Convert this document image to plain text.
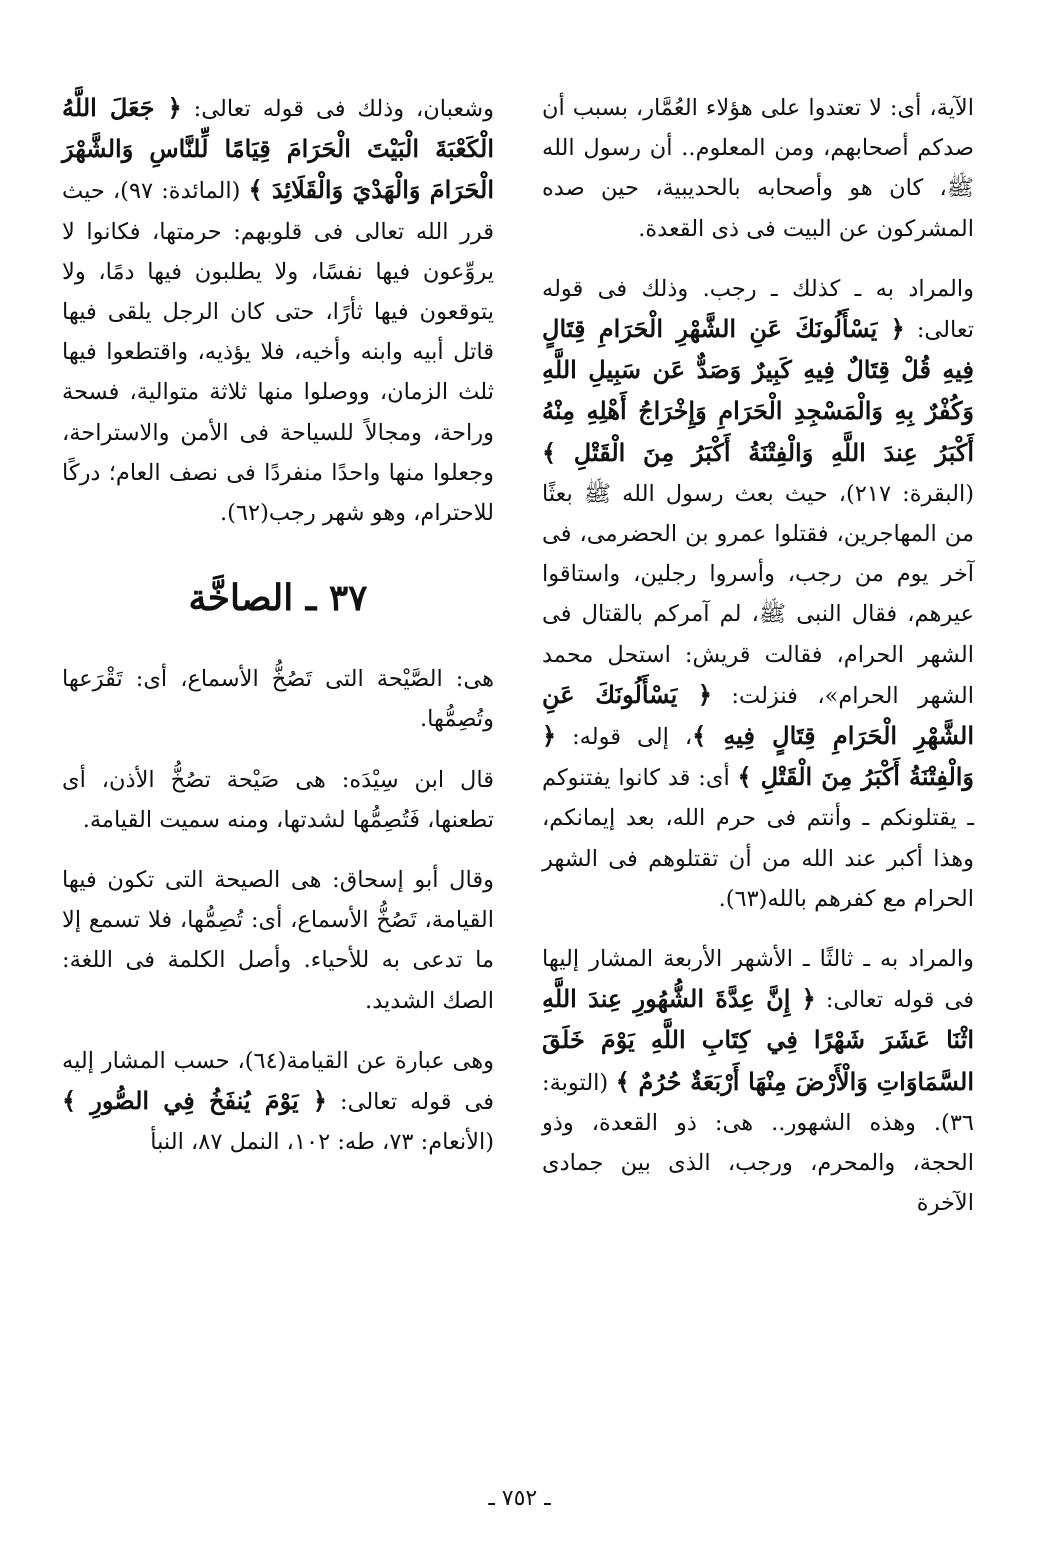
الآية، أى: لا تعتدوا على هؤلاء العُمَّار، بسبب أن صدكم أصحابهم، ومن المعلوم.. أن رسول الله ﷺ، كان هو وأصحابه بالحديبية، حين صده المشركون عن البيت فى ذى القعدة.

والمراد به ـ كذلك ـ رجب. وذلك فى قوله تعالى: ﴿ يَسْأَلُونَكَ عَنِ الشَّهْرِ الْحَرَامِ قِتَالٍ فِيهِ قُلْ قِتَالٌ فِيهِ كَبِيرٌ وَصَدٌّ عَن سَبِيلِ اللَّهِ وَكُفْرٌ بِهِ وَالْمَسْجِدِ الْحَرَامِ وَإِخْرَاجُ أَهْلِهِ مِنْهُ أَكْبَرُ عِندَ اللَّهِ وَالْفِتْنَةُ أَكْبَرُ مِنَ الْقَتْلِ ﴾ (البقرة: ٢١٧)، حيث بعث رسول الله ﷺ بعثًا من المهاجرين، فقتلوا عمرو بن الحضرمى، فى آخر يوم من رجب، وأسروا رجلين، واستاقوا عيرهم، فقال النبى ﷺ، لم آمركم بالقتال فى الشهر الحرام، فقالت قريش: استحل محمد الشهر الحرام»، فنزلت: ﴿ يَسْأَلُونَكَ عَنِ الشَّهْرِ الْحَرَامِ قِتَالٍ فِيهِ ﴾، إلى قوله: ﴿ وَالْفِتْنَةُ أَكْبَرُ مِنَ الْقَتْلِ ﴾ أى: قد كانوا يفتنوكم ـ يقتلونكم ـ وأنتم فى حرم الله، بعد إيمانكم، وهذا أكبر عند الله من أن تقتلوهم فى الشهر الحرام مع كفرهم بالله(٦٣).

والمراد به ـ ثالثًا ـ الأشهر الأربعة المشار إليها فى قوله تعالى: ﴿ إِنَّ عِدَّةَ الشُّهُورِ عِندَ اللَّهِ اثْنَا عَشَرَ شَهْرًا فِي كِتَابِ اللَّهِ يَوْمَ خَلَقَ السَّمَاوَاتِ وَالْأَرْضَ مِنْهَا أَرْبَعَةٌ حُرُمٌ ﴾ (التوبة: ٣٦). وهذه الشهور.. هى: ذو القعدة، وذو الحجة، والمحرم، ورجب، الذى بين جمادى الآخرة

وشعبان، وذلك فى قوله تعالى: ﴿ جَعَلَ اللَّهُ الْكَعْبَةَ الْبَيْتَ الْحَرَامَ قِيَامًا لِّلنَّاسِ وَالشَّهْرَ الْحَرَامَ وَالْهَدْيَ وَالْقَلَائِدَ ﴾ (المائدة: ٩٧)، حيث قرر الله تعالى فى قلوبهم: حرمتها، فكانوا لا يروِّعون فيها نفسًا، ولا يطلبون فيها دمًا، ولا يتوقعون فيها ثأرًا، حتى كان الرجل يلقى فيها قاتل أبيه وابنه وأخيه، فلا يؤذيه، واقتطعوا فيها ثلث الزمان، ووصلوا منها ثلاثة متوالية، فسحة وراحة، ومجالاً للسياحة فى الأمن والاستراحة، وجعلوا منها واحدًا منفردًا فى نصف العام؛ دركًا للاحترام، وهو شهر رجب(٦٢).

٣٧ ـ الصاخَّة

هى: الصَّيْحة التى تَصُخُّ الأسماع، أى: تَقْرَعها وتُصِمُّها.

قال ابن سِيْدَه: هى صَيْحة تصُخُّ الأذن، أى تطعنها، فَتُصِمُّها لشدتها، ومنه سميت القيامة.

وقال أبو إسحاق: هى الصيحة التى تكون فيها القيامة، تَصُخُّ الأسماع، أى: تُصِمُّها، فلا تسمع إلا ما تدعى به للأحياء. وأصل الكلمة فى اللغة: الصك الشديد.

وهى عبارة عن القيامة(٦٤)، حسب المشار إليه فى قوله تعالى: ﴿ يَوْمَ يُنفَخُ فِي الصُّورِ ﴾ (الأنعام: ٧٣، طه: ١٠٢، النمل ٨٧، النبأ

ـ ٧٥٢ ـ
